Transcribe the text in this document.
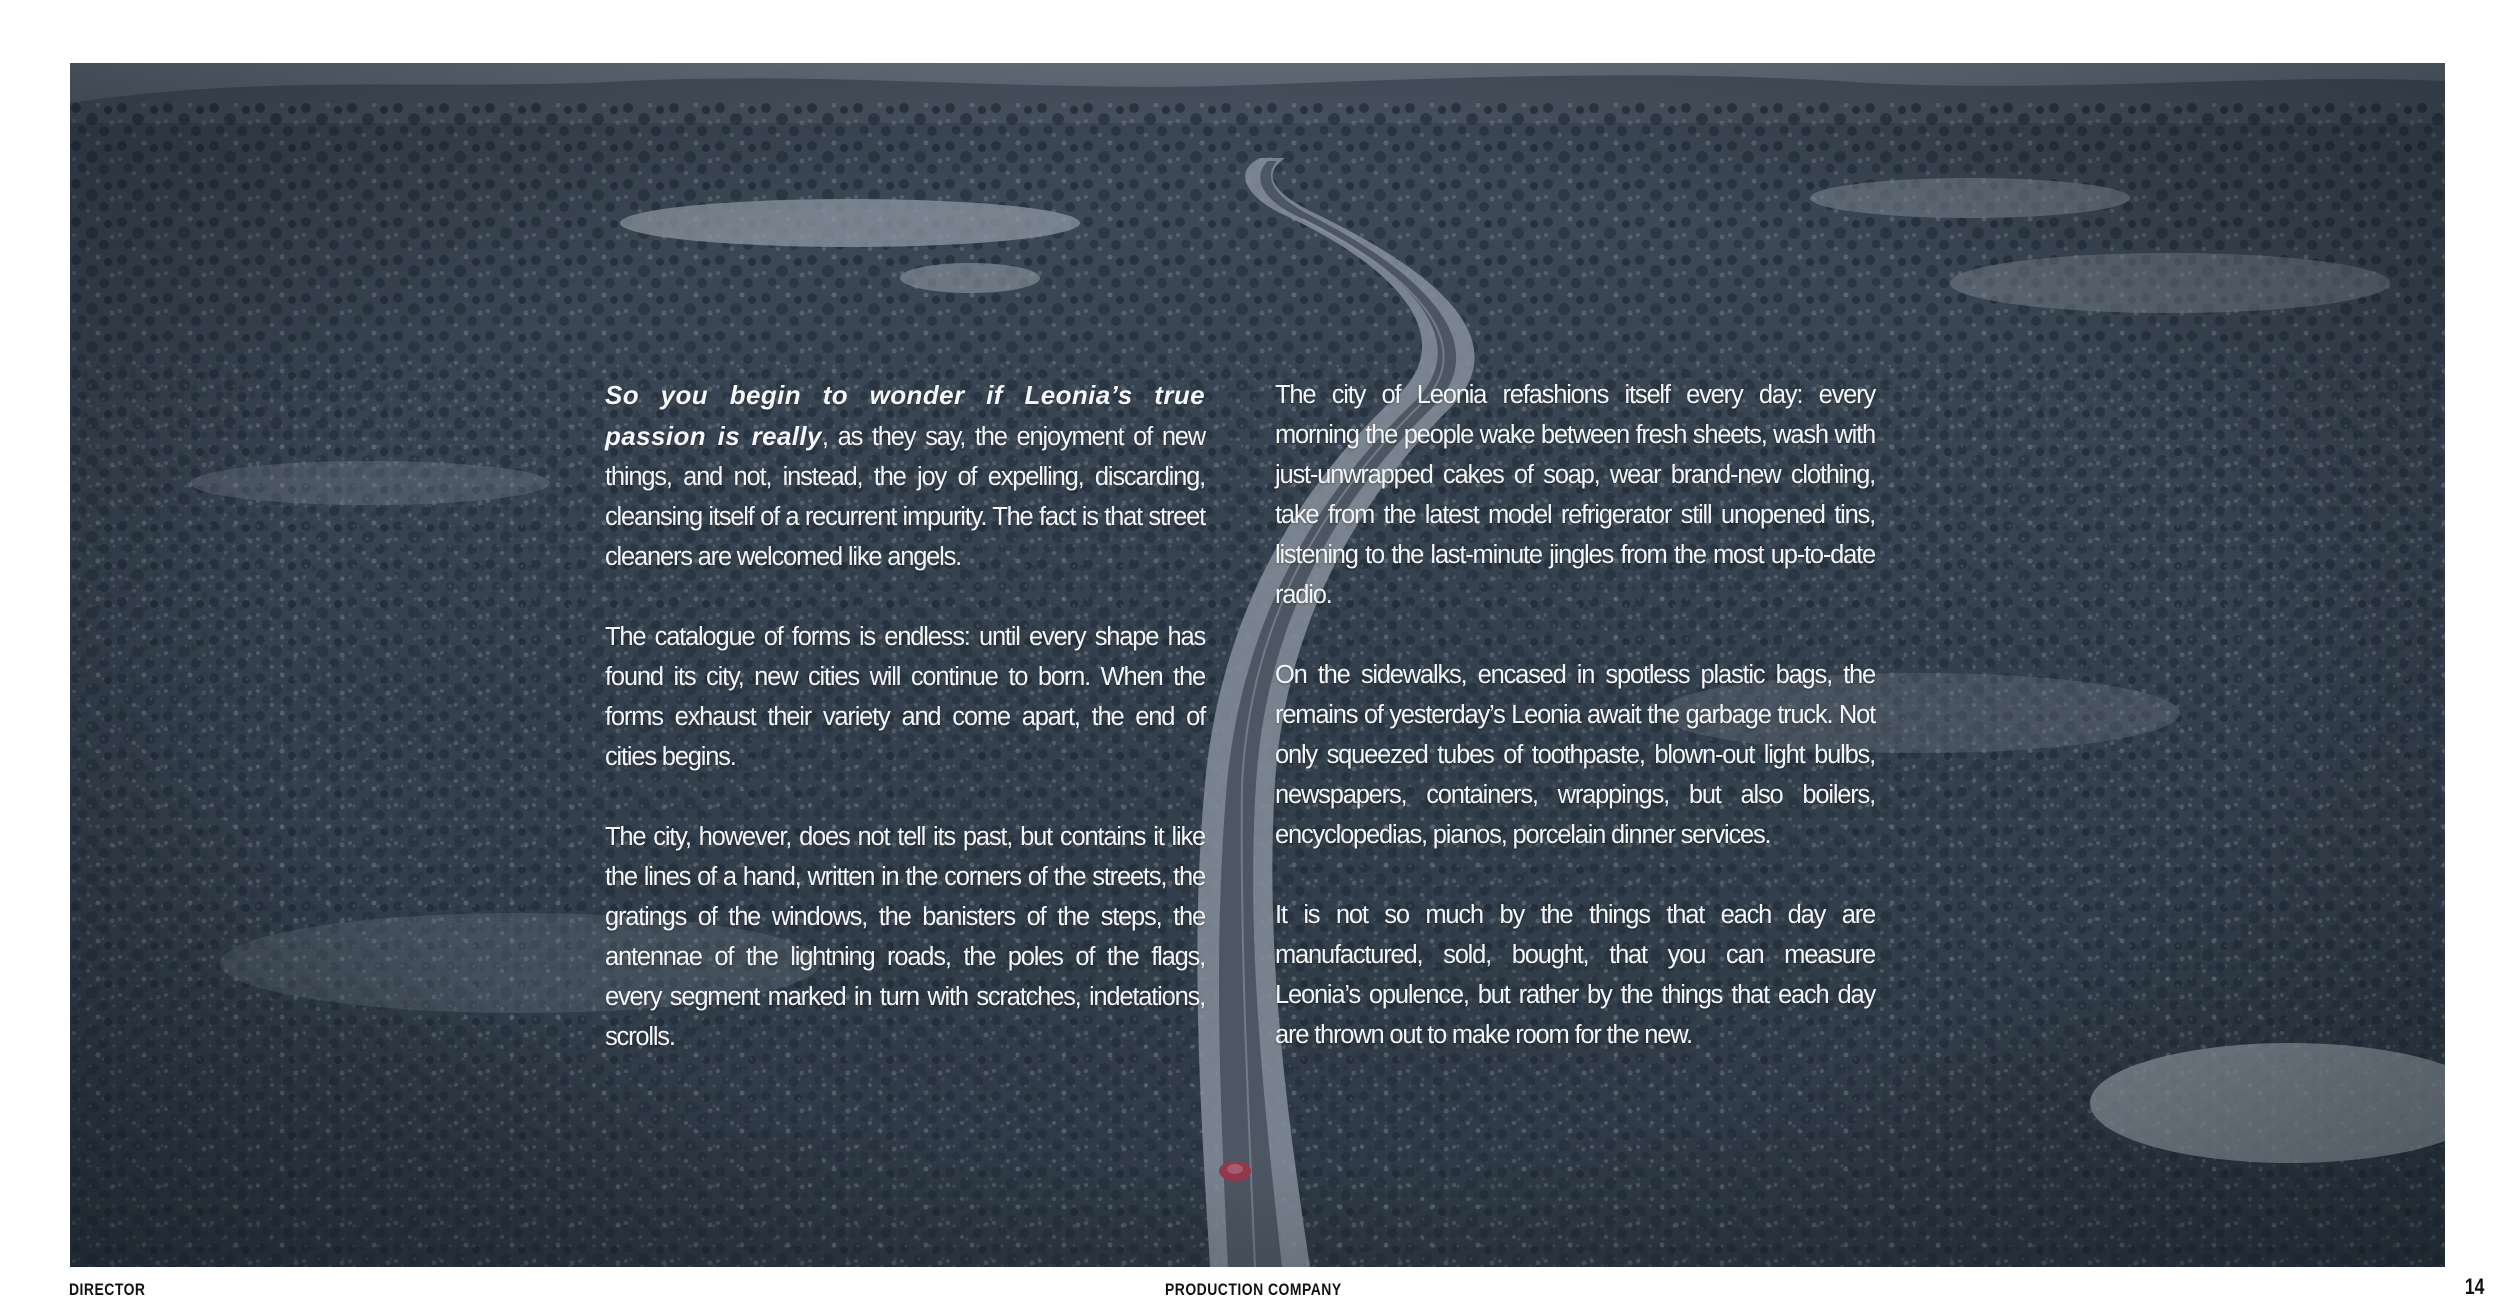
So you begin to wonder if Leonia’s true passion is really, as they say, the enjoyment of new things, and not, instead, the joy of expelling, discarding, cleansing itself of a recurrent impurity. The fact is that street cleaners are welcomed like angels.

The catalogue of forms is endless: until every shape has found its city, new cities will continue to born. When the forms exhaust their variety and come apart, the end of cities begins.

The city, however, does not tell its past, but contains it like the lines of a hand, written in the corners of the streets, the gratings of the windows, the banisters of the steps, the antennae of the lightning roads, the poles of the flags, every segment marked in turn with scratches, indetations, scrolls.

The city of Leonia refashions itself every day: every morning the people wake between fresh sheets, wash with just-unwrapped cakes of soap, wear brand-new clothing, take from the latest model refrigerator still unopened tins, listening to the last-minute jingles from the most up-to-date radio.

On the sidewalks, encased in spotless plastic bags, the remains of yesterday’s Leonia await the garbage truck. Not only squeezed tubes of toothpaste, blown-out light bulbs, newspapers, containers, wrappings, but also boilers, encyclopedias, pianos, porcelain dinner services.

It is not so much by the things that each day are manufactured, sold, bought, that you can measure Leonia’s opulence, but rather by the things that each day are thrown out to make room for the new.

DIRECTOR	PRODUCTION COMPANY	14
